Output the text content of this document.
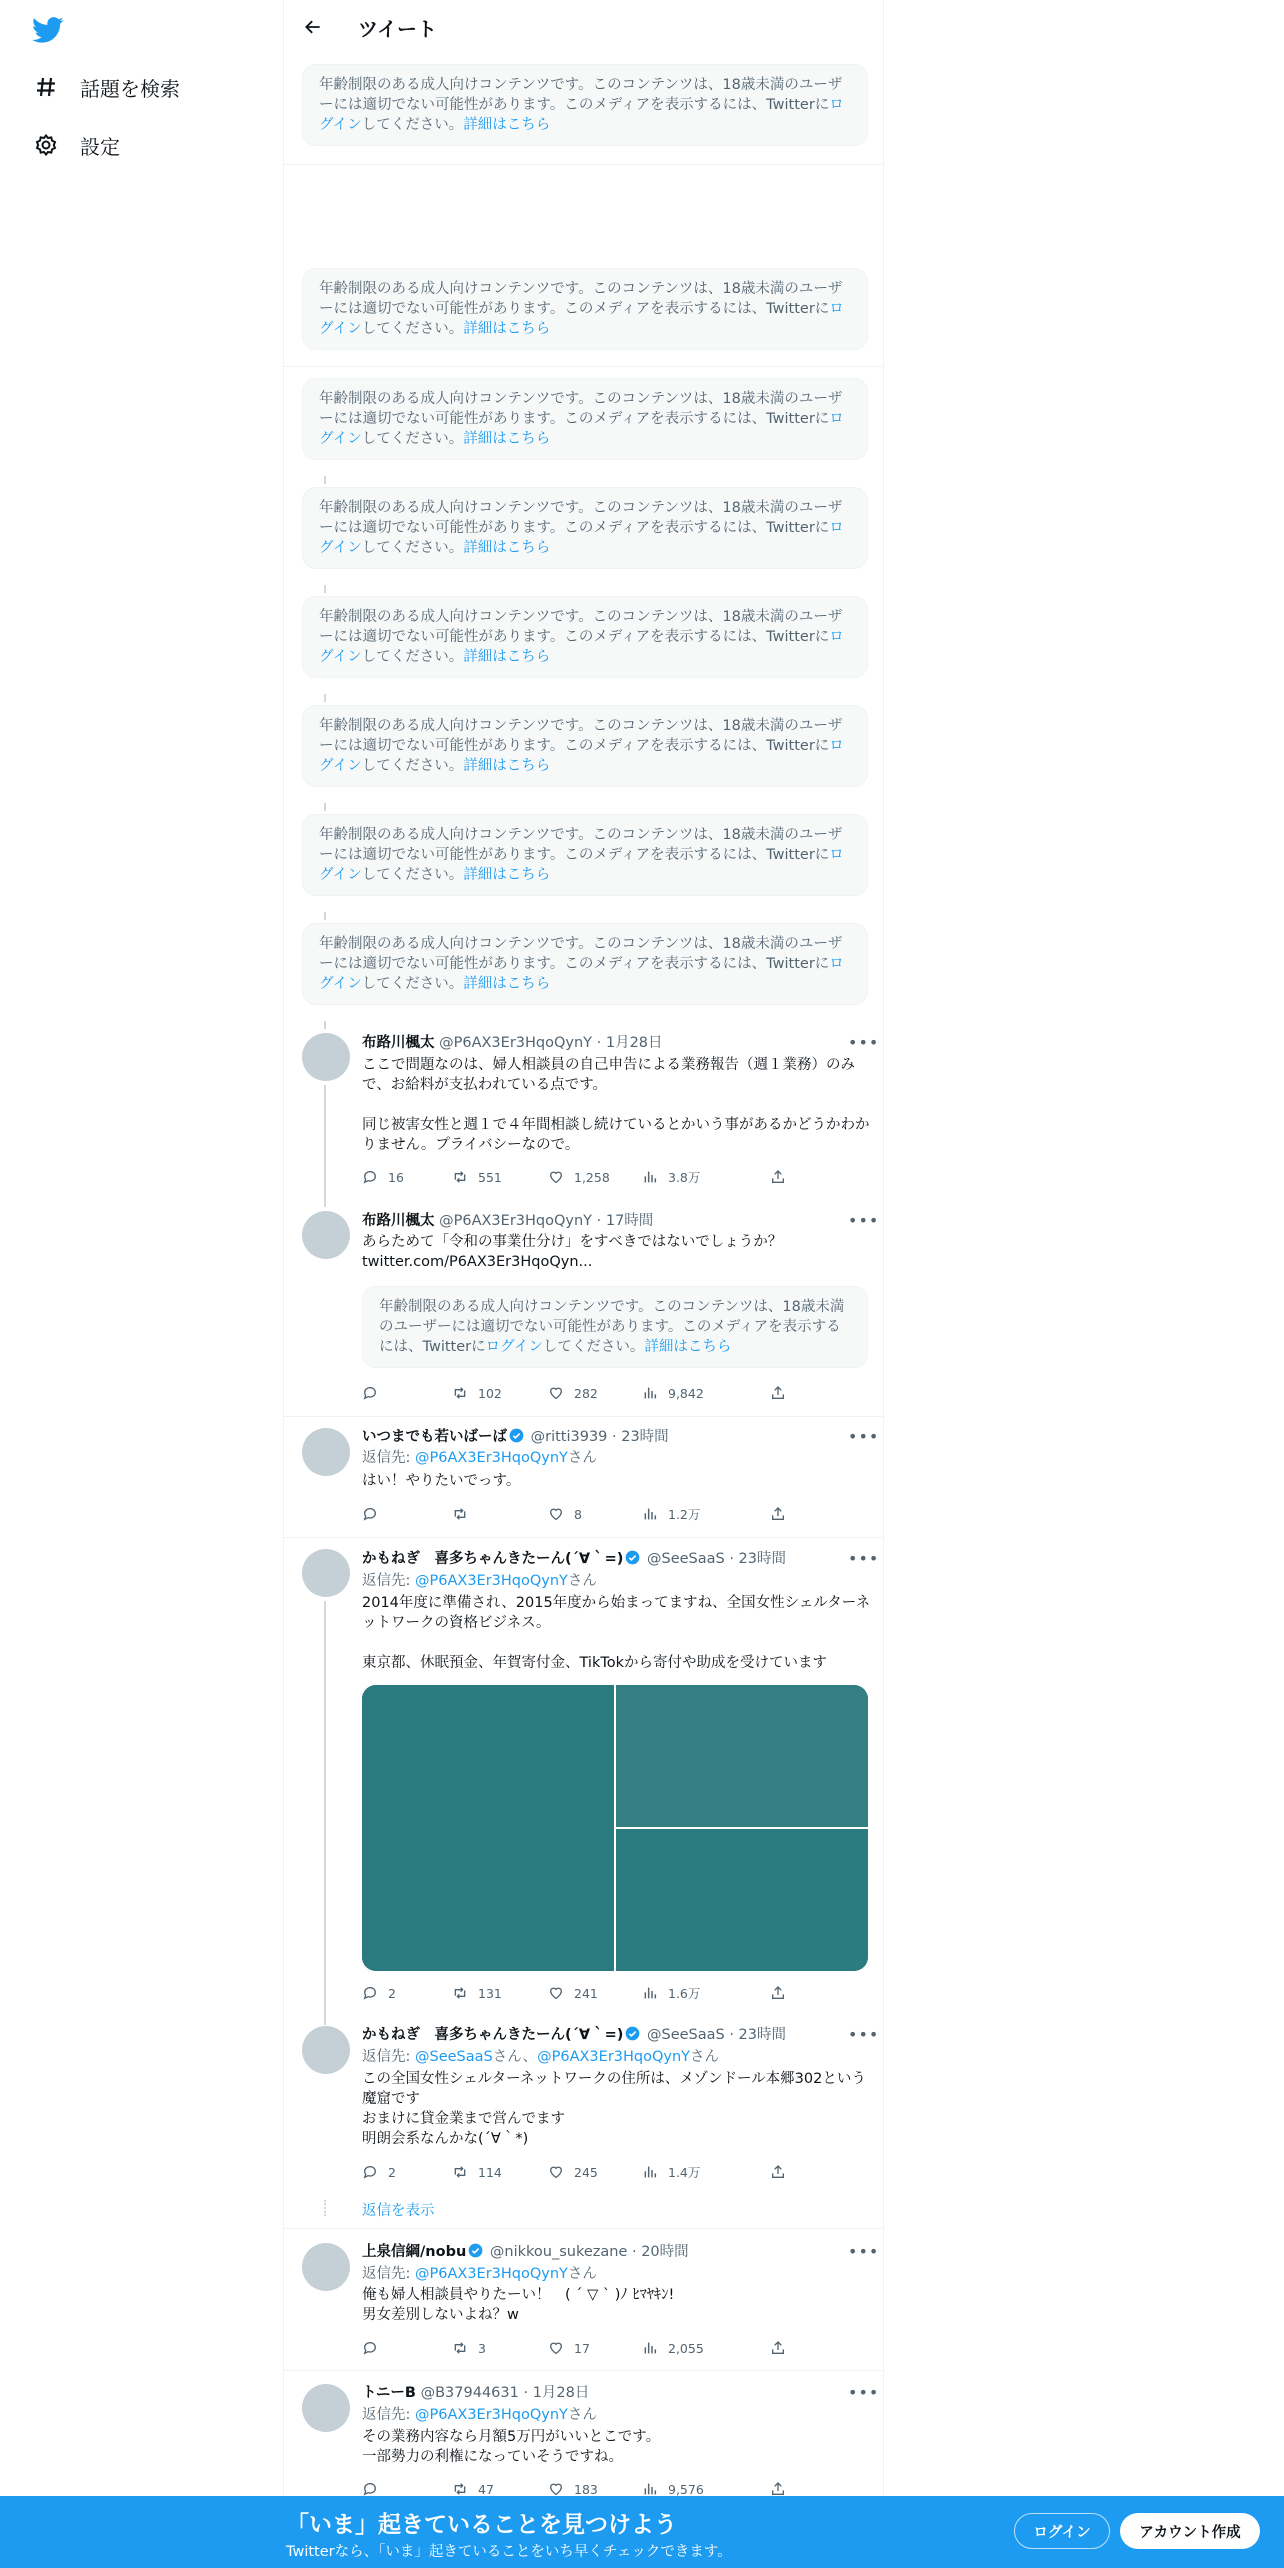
話題を検索
設定
ツイート
年齢制限のある成人向けコンテンツです。このコンテンツは、18歳未満のユーザーには適切でない可能性があります。このメディアを表示するには、Twitterにログインしてください。詳細はこちら
年齢制限のある成人向けコンテンツです。このコンテンツは、18歳未満のユーザーには適切でない可能性があります。このメディアを表示するには、Twitterにログインしてください。詳細はこちら
年齢制限のある成人向けコンテンツです。このコンテンツは、18歳未満のユーザーには適切でない可能性があります。このメディアを表示するには、Twitterにログインしてください。詳細はこちら
年齢制限のある成人向けコンテンツです。このコンテンツは、18歳未満のユーザーには適切でない可能性があります。このメディアを表示するには、Twitterにログインしてください。詳細はこちら
年齢制限のある成人向けコンテンツです。このコンテンツは、18歳未満のユーザーには適切でない可能性があります。このメディアを表示するには、Twitterにログインしてください。詳細はこちら
年齢制限のある成人向けコンテンツです。このコンテンツは、18歳未満のユーザーには適切でない可能性があります。このメディアを表示するには、Twitterにログインしてください。詳細はこちら
年齢制限のある成人向けコンテンツです。このコンテンツは、18歳未満のユーザーには適切でない可能性があります。このメディアを表示するには、Twitterにログインしてください。詳細はこちら
年齢制限のある成人向けコンテンツです。このコンテンツは、18歳未満のユーザーには適切でない可能性があります。このメディアを表示するには、Twitterにログインしてください。詳細はこちら
布路川楓太 @P6AX3Er3HqoQynY · 1月28日	•••
ここで問題なのは、婦人相談員の自己申告による業務報告（週１業務）のみで、お給料が支払われている点です。

同じ被害女性と週１で４年間相談し続けているとかいう事があるかどうかわかりません。プライバシーなので。
16	551	1,258	3.8万
布路川楓太 @P6AX3Er3HqoQynY · 17時間	•••
あらためて「令和の事業仕分け」をすべきではないでしょうか？
twitter.com/P6AX3Er3HqoQyn...
年齢制限のある成人向けコンテンツです。このコンテンツは、18歳未満のユーザーには適切でない可能性があります。このメディアを表示するには、Twitterにログインしてください。詳細はこちら
102	282	9,842
いつまでも若いばーば @ritti3939 · 23時間	•••
返信先: @P6AX3Er3HqoQynYさん
はい！やりたいでっす。
8	1.2万
かもねぎ　喜多ちゃんきたーん(´∀｀=) @SeeSaaS · 23時間	•••
返信先: @P6AX3Er3HqoQynYさん
2014年度に準備され、2015年度から始まってますね、全国女性シェルターネットワークの資格ビジネス。

東京都、休眠預金、年賀寄付金、TikTokから寄付や助成を受けています
2	131	241	1.6万
かもねぎ　喜多ちゃんきたーん(´∀｀=) @SeeSaaS · 23時間	•••
返信先: @SeeSaaSさん、@P6AX3Er3HqoQynYさん
この全国女性シェルターネットワークの住所は、メゾンドール本郷302という魔窟です
おまけに貸金業まで営んでます
明朗会系なんかな(´∀｀*)
2	114	245	1.4万
返信を表示
上泉信綱/nobu @nikkou_sukezane · 20時間	•••
返信先: @P6AX3Er3HqoQynYさん
俺も婦人相談員やりたーい！　( ´ ▽ ` )ﾉ ﾋﾏﾔｷﾝ!
男女差別しないよね？w
3	17	2,055
トニーB @B37944631 · 1月28日	•••
返信先: @P6AX3Er3HqoQynYさん
その業務内容なら月額5万円がいいとこです。
一部勢力の利権になっていそうですね。
47	183	9,576
「いま」起きていることを見つけよう
Twitterなら、「いま」起きていることをいち早くチェックできます。
ログイン	アカウント作成
